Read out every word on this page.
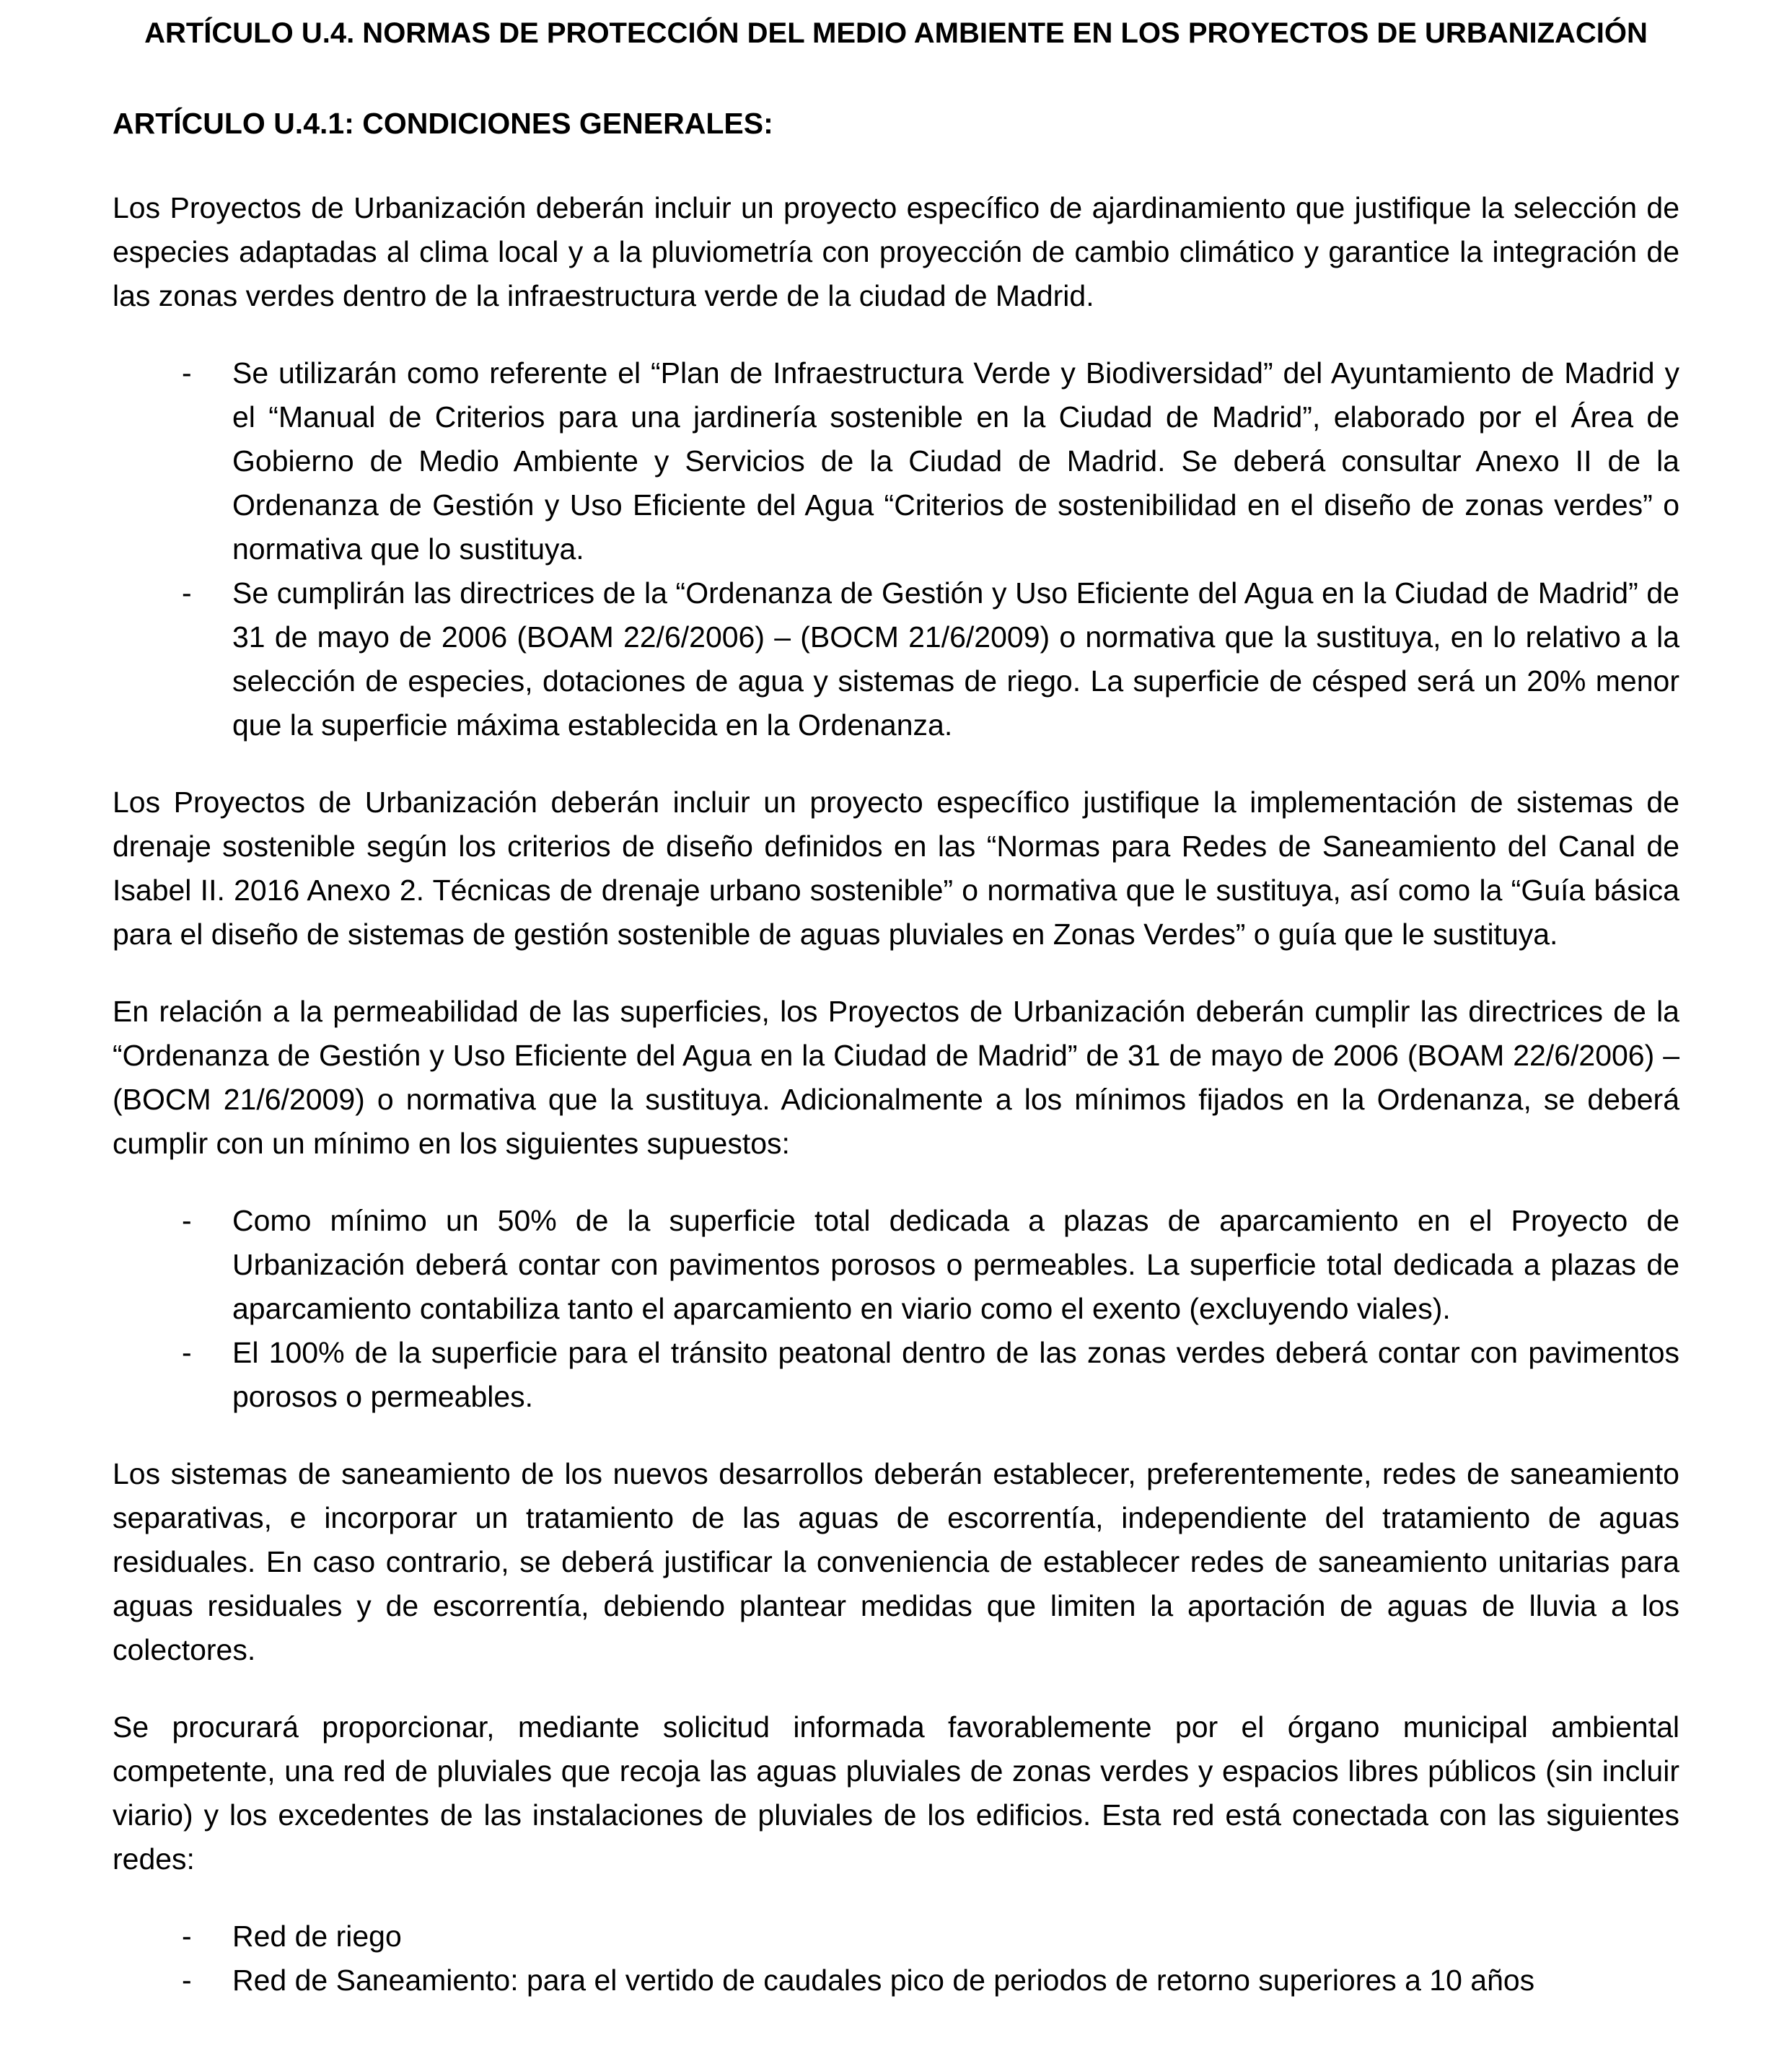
ARTÍCULO U.4. NORMAS DE PROTECCIÓN DEL MEDIO AMBIENTE EN LOS PROYECTOS DE URBANIZACIÓN
ARTÍCULO U.4.1: CONDICIONES GENERALES:

Los Proyectos de Urbanización deberán incluir un proyecto específico de ajardinamiento que justifique la selección de especies adaptadas al clima local y a la pluviometría con proyección de cambio climático y garantice la integración de las zonas verdes dentro de la infraestructura verde de la ciudad de Madrid.

- Se utilizarán como referente el “Plan de Infraestructura Verde y Biodiversidad” del Ayuntamiento de Madrid y el “Manual de Criterios para una jardinería sostenible en la Ciudad de Madrid”, elaborado por el Área de Gobierno de Medio Ambiente y Servicios de la Ciudad de Madrid. Se deberá consultar Anexo II de la Ordenanza de Gestión y Uso Eficiente del Agua “Criterios de sostenibilidad en el diseño de zonas verdes” o normativa que lo sustituya.
- Se cumplirán las directrices de la “Ordenanza de Gestión y Uso Eficiente del Agua en la Ciudad de Madrid” de 31 de mayo de 2006 (BOAM 22/6/2006) – (BOCM 21/6/2009) o normativa que la sustituya, en lo relativo a la selección de especies, dotaciones de agua y sistemas de riego. La superficie de césped será un 20% menor que la superficie máxima establecida en la Ordenanza.

Los Proyectos de Urbanización deberán incluir un proyecto específico justifique la implementación de sistemas de drenaje sostenible según los criterios de diseño definidos en las “Normas para Redes de Saneamiento del Canal de Isabel II. 2016 Anexo 2. Técnicas de drenaje urbano sostenible” o normativa que le sustituya, así como la “Guía básica para el diseño de sistemas de gestión sostenible de aguas pluviales en Zonas Verdes” o guía que le sustituya.

En relación a la permeabilidad de las superficies, los Proyectos de Urbanización deberán cumplir las directrices de la “Ordenanza de Gestión y Uso Eficiente del Agua en la Ciudad de Madrid” de 31 de mayo de 2006 (BOAM 22/6/2006) – (BOCM 21/6/2009) o normativa que la sustituya. Adicionalmente a los mínimos fijados en la Ordenanza, se deberá cumplir con un mínimo en los siguientes supuestos:

- Como mínimo un 50% de la superficie total dedicada a plazas de aparcamiento en el Proyecto de Urbanización deberá contar con pavimentos porosos o permeables. La superficie total dedicada a plazas de aparcamiento contabiliza tanto el aparcamiento en viario como el exento (excluyendo viales).
- El 100% de la superficie para el tránsito peatonal dentro de las zonas verdes deberá contar con pavimentos porosos o permeables.

Los sistemas de saneamiento de los nuevos desarrollos deberán establecer, preferentemente, redes de saneamiento separativas, e incorporar un tratamiento de las aguas de escorrentía, independiente del tratamiento de aguas residuales. En caso contrario, se deberá justificar la conveniencia de establecer redes de saneamiento unitarias para aguas residuales y de escorrentía, debiendo plantear medidas que limiten la aportación de aguas de lluvia a los colectores.

Se procurará proporcionar, mediante solicitud informada favorablemente por el órgano municipal ambiental competente, una red de pluviales que recoja las aguas pluviales de zonas verdes y espacios libres públicos (sin incluir viario) y los excedentes de las instalaciones de pluviales de los edificios. Esta red está conectada con las siguientes redes:

- Red de riego
- Red de Saneamiento: para el vertido de caudales pico de periodos de retorno superiores a 10 años
